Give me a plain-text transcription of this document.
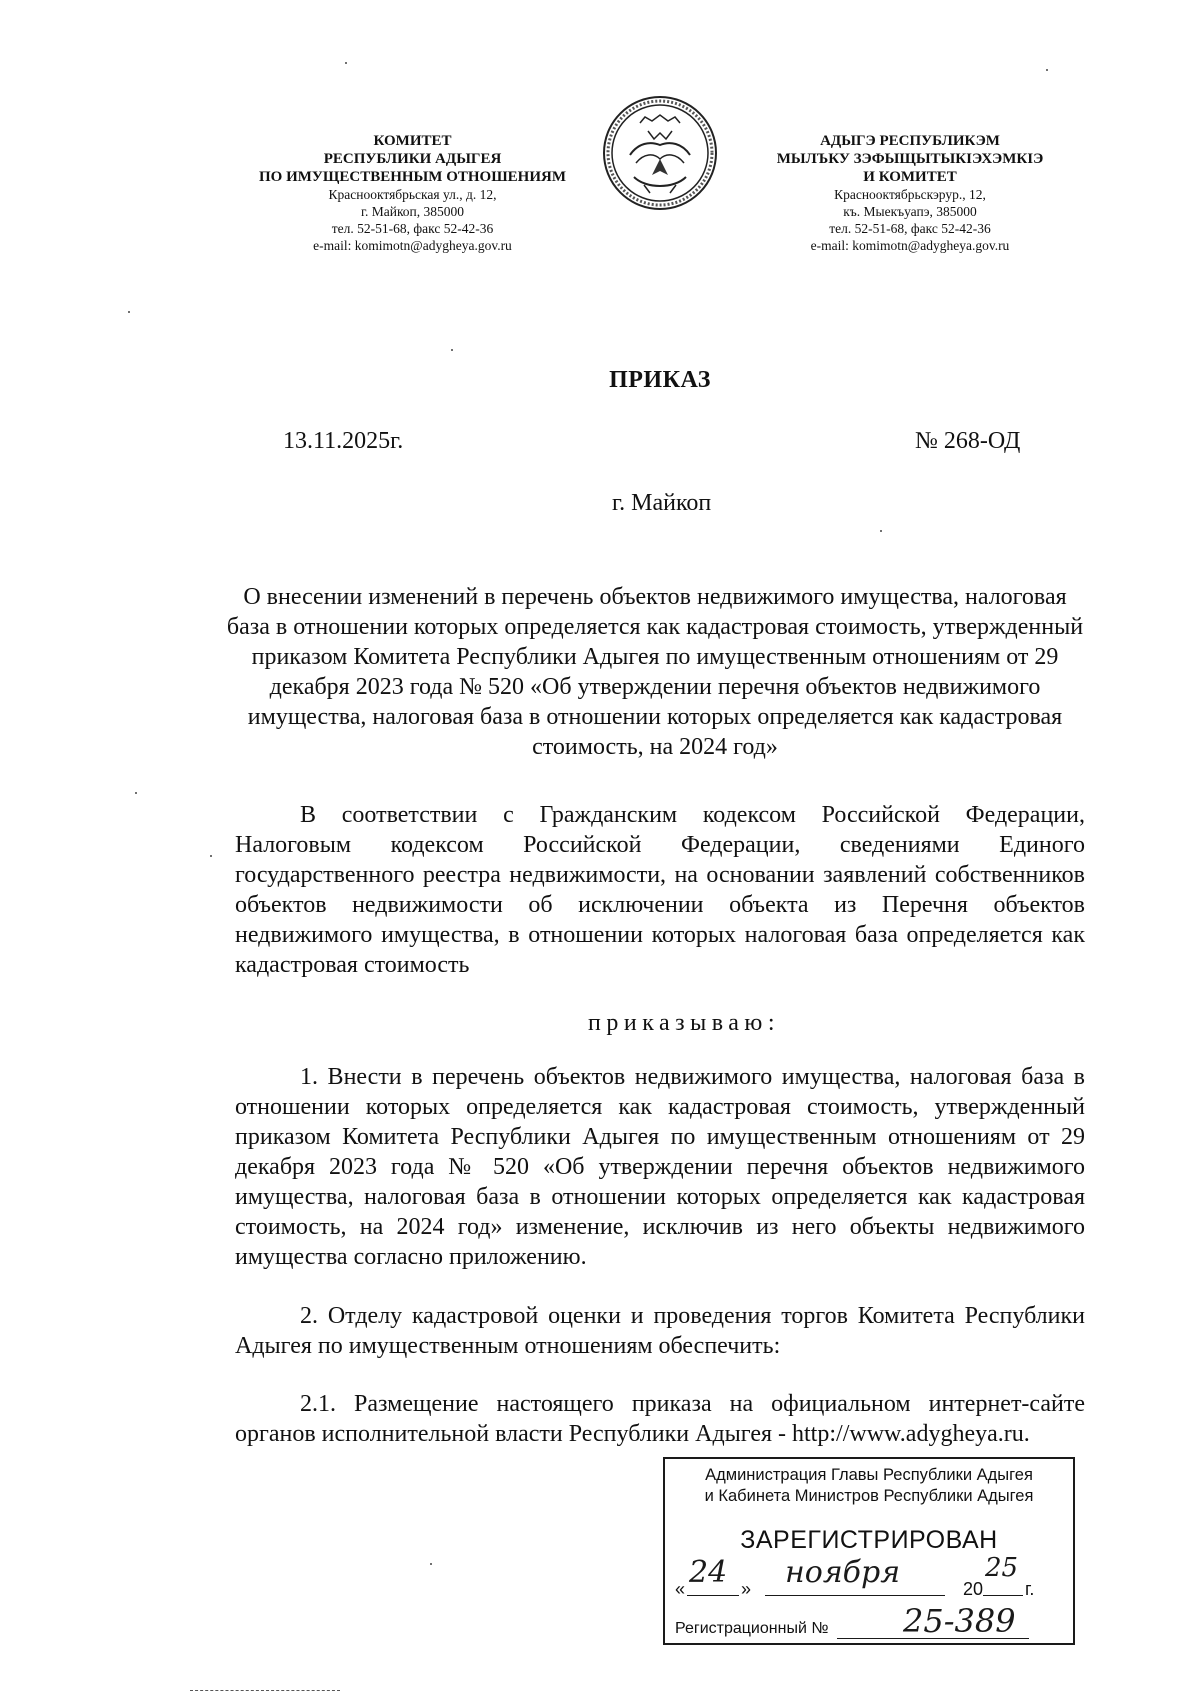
КОМИТЕТ
РЕСПУБЛИКИ АДЫГЕЯ
ПО ИМУЩЕСТВЕННЫМ ОТНОШЕНИЯМ
Краснооктябрьская ул., д. 12,
г. Майкоп, 385000
тел. 52-51-68, факс 52-42-36
e-mail: komimotn@adygheya.gov.ru
АДЫГЭ РЕСПУБЛИКЭМ
МЫЛЪКУ ЗЭФЫЩЫТЫКIЭХЭМКIЭ
И КОМИТЕТ
Краснооктябрьскэрур., 12,
къ. Мыекъуапэ, 385000
тел. 52-51-68, факс 52-42-36
e-mail: komimotn@adygheya.gov.ru
ПРИКАЗ
13.11.2025г.	№ 268-ОД
г. Майкоп
О внесении изменений в перечень объектов недвижимого имущества, налоговая база в отношении которых определяется как кадастровая стоимость, утвержденный приказом Комитета Республики Адыгея по имущественным отношениям от 29 декабря 2023 года № 520 «Об утверждении перечня объектов недвижимого имущества, налоговая база в отношении которых определяется как кадастровая стоимость, на 2024 год»
В соответствии с Гражданским кодексом Российской Федерации, Налоговым кодексом Российской Федерации, сведениями Единого государственного реестра недвижимости, на основании заявлений собственников объектов недвижимости об исключении объекта из Перечня объектов недвижимого имущества, в отношении которых налоговая база определяется как кадастровая стоимость
приказываю:
1. Внести в перечень объектов недвижимого имущества, налоговая база в отношении которых определяется как кадастровая стоимость, утвержденный приказом Комитета Республики Адыгея по имущественным отношениям от 29 декабря 2023 года № 520 «Об утверждении перечня объектов недвижимого имущества, налоговая база в отношении которых определяется как кадастровая стоимость, на 2024 год» изменение, исключив из него объекты недвижимого имущества согласно приложению.
2. Отделу кадастровой оценки и проведения торгов Комитета Республики Адыгея по имущественным отношениям обеспечить:
2.1. Размещение настоящего приказа на официальном интернет-сайте органов исполнительной власти Республики Адыгея - http://www.adygheya.ru.
Администрация Главы Республики Адыгея
и Кабинета Министров Республики Адыгея
ЗАРЕГИСТРИРОВАН
« 24 » ноября	20
25
г.
Регистрационный № 25-389
